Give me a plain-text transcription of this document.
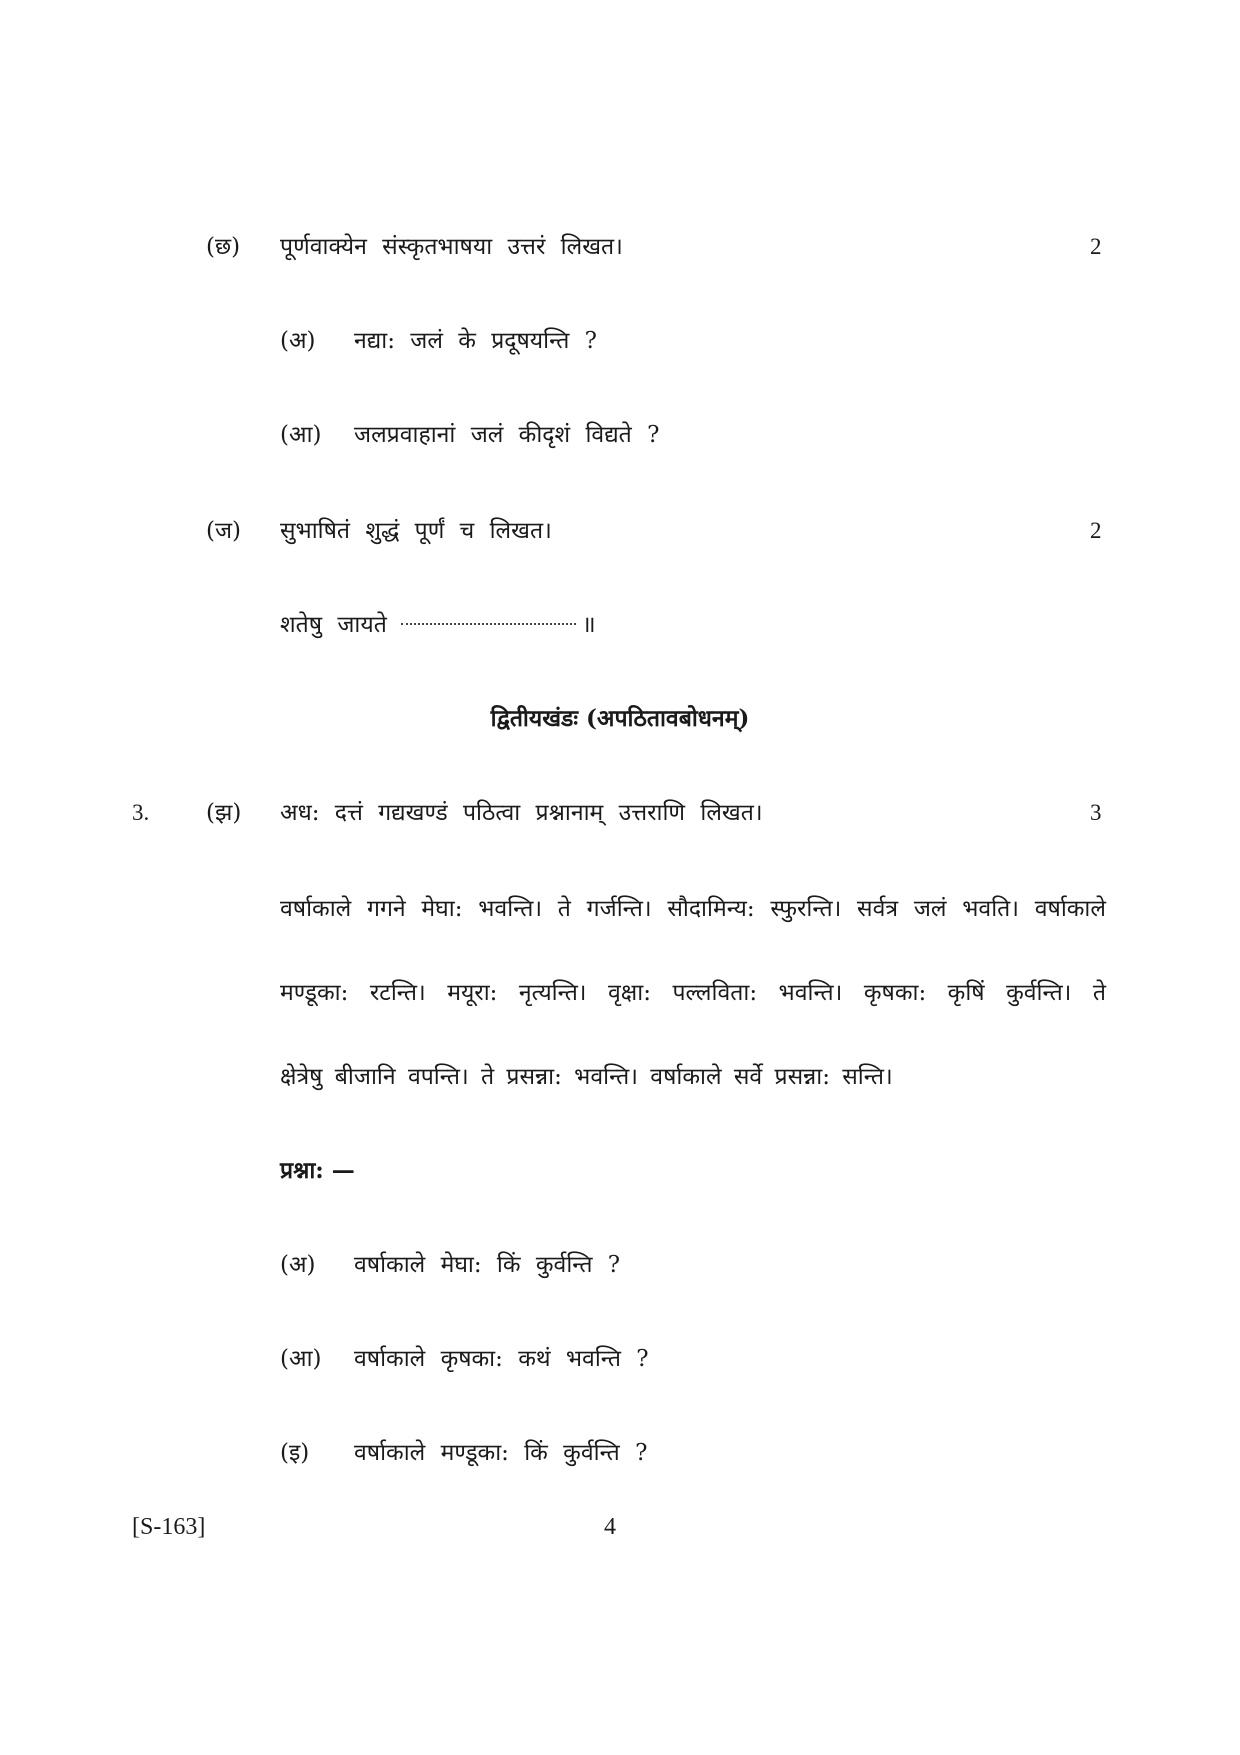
(छ) पूर्णवाक्येन संस्कृतभाषया उत्तरं लिखत।	2
(अ) नद्या: जलं के प्रदूषयन्ति ?
(आ) जलप्रवाहानां जलं कीदृशं विद्यते ?
(ज) सुभाषितं शुद्धं पूर्णं च लिखत।	2
शतेषु जायते	॥
द्वितीयखंडः (अपठितावबोधनम्)
3. (झ) अध: दत्तं गद्यखण्डं पठित्वा प्रश्नानाम् उत्तराणि लिखत।	3
वर्षाकाले गगने मेघा: भवन्ति। ते गर्जन्ति। सौदामिन्य: स्फुरन्ति। सर्वत्र जलं भवति। वर्षाकाले
मण्डूका: रटन्ति। मयूरा: नृत्यन्ति। वृक्षा: पल्लविता: भवन्ति। कृषका: कृषिं कुर्वन्ति। ते
क्षेत्रेषु बीजानि वपन्ति। ते प्रसन्ना: भवन्ति। वर्षाकाले सर्वे प्रसन्ना: सन्ति।
प्रश्ना: —
(अ) वर्षाकाले मेघा: किं कुर्वन्ति ?
(आ) वर्षाकाले कृषका: कथं भवन्ति ?
(इ) वर्षाकाले मण्डूका: किं कुर्वन्ति ?
[S-163]	4
